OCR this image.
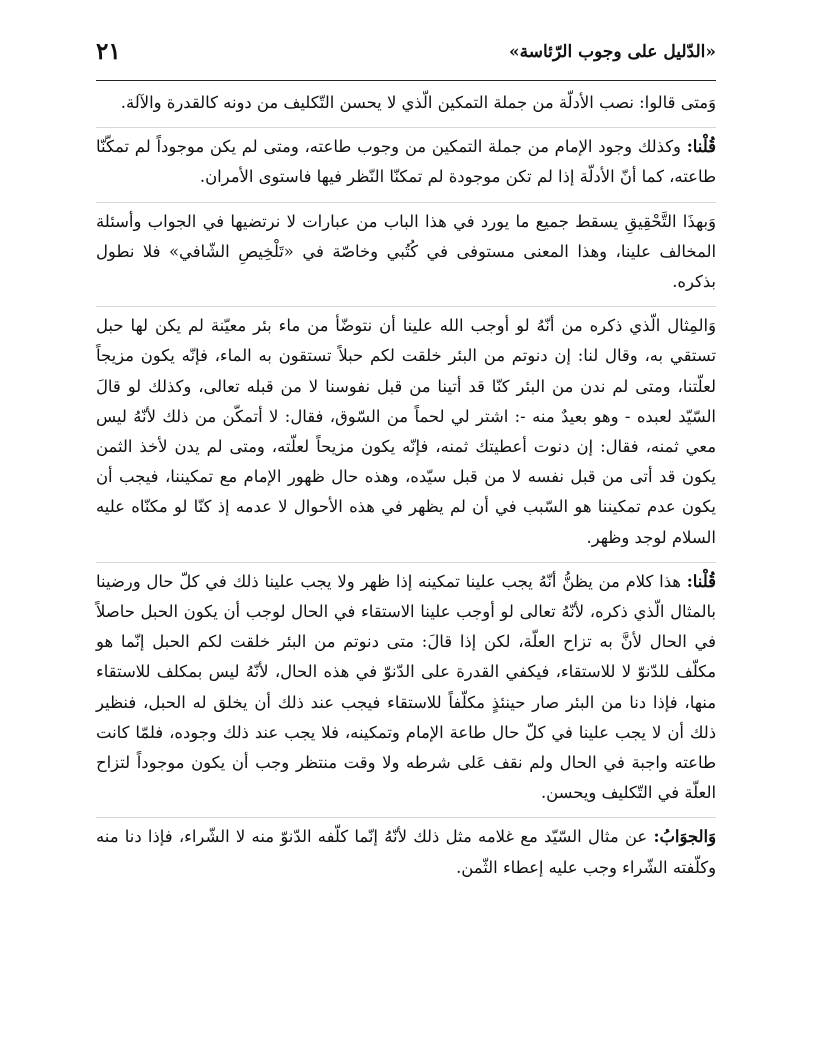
«الدّليل على وجوب الرّئاسة»
٢١

وَمتى قالوا: نصب الأدلّة من جملة التمكين الّذي لا يحسن التّكليف من دونه كالقدرة والآلة.

قُلْنا: وكذلك وجود الإمام من جملة التمكين من وجوب طاعته، ومتى لم يكن موجوداً لم تمكّنّا طاعته، كما أنّ الأدلّة إذا لم تكن موجودة لم تمكنّا النّظر فيها فاستوى الأمران.

وَبهذَا التَّحْقِيقِ يسقط جميع ما يورد في هذا الباب من عبارات لا نرتضيها في الجواب وأسئلة المخالف علينا، وهذا المعنى مستوفى في كُتُبي وخاصّة في «تَلْخِيصِ الشّافي» فلا نطول بذكره.

وَالمِثال الّذي ذكره من أنّهُ لو أوجب الله علينا أن نتوضّأ من ماء بئر معيّنة لم يكن لها حبل تستقي به، وقال لنا: إن دنوتم من البئر خلقت لكم حبلاً تستقون به الماء، فإنّه يكون مزيجاً لعلّتنا، ومتى لم ندن من البئر كنّا قد أتينا من قبل نفوسنا لا من قبله تعالى، وكذلك لو قالَ السّيّد لعبده - وهو بعيدٌ منه -: اشتر لي لحماً من السّوق، فقال: لا أتمكّن من ذلك لأنّهُ ليس معي ثمنه، فقال: إن دنوت أعطيتك ثمنه، فإنّه يكون مزيحاً لعلّته، ومتى لم يدن لأخذ الثمن يكون قد أتى من قبل نفسه لا من قبل سيّده، وهذه حال ظهور الإمام مع تمكيننا، فيجب أن يكون عدم تمكيننا هو السّبب في أن لم يظهر في هذه الأحوال لا عدمه إذ كنّا لو مكنّاه عليه السلام لوجد وظهر.

قُلْنا: هذا كلام من يظنُّ أنّهُ يجب علينا تمكينه إذا ظهر ولا يجب علينا ذلك في كلّ حال ورضينا بالمثال الّذي ذكره، لأنّهُ تعالى لو أوجب علينا الاستقاء في الحال لوجب أن يكون الحبل حاصلاً في الحال لأنَّ به تزاح العلّة، لكن إذا قالَ: متى دنوتم من البئر خلقت لكم الحبل إنّما هو مكلّف للدّنوّ لا للاستقاء، فيكفي القدرة على الدّنوّ في هذه الحال، لأنّهُ ليس بمكلف للاستقاء منها، فإذا دنا من البئر صار حينئذٍ مكلّفاً للاستقاء فيجب عند ذلك أن يخلق له الحبل، فنظير ذلك أن لا يجب علينا في كلّ حال طاعة الإمام وتمكينه، فلا يجب عند ذلك وجوده، فلمّا كانت طاعته واجبة في الحال ولم نقف عَلى شرطه ولا وقت منتظر وجب أن يكون موجوداً لتزاح العلّة في التّكليف ويحسن.

وَالجوَابُ: عن مثال السّيّد مع غلامه مثل ذلك لأنّهُ إنّما كلّفه الدّنوّ منه لا الشّراء، فإذا دنا منه وكلّفته الشّراء وجب عليه إعطاء الثّمن.
